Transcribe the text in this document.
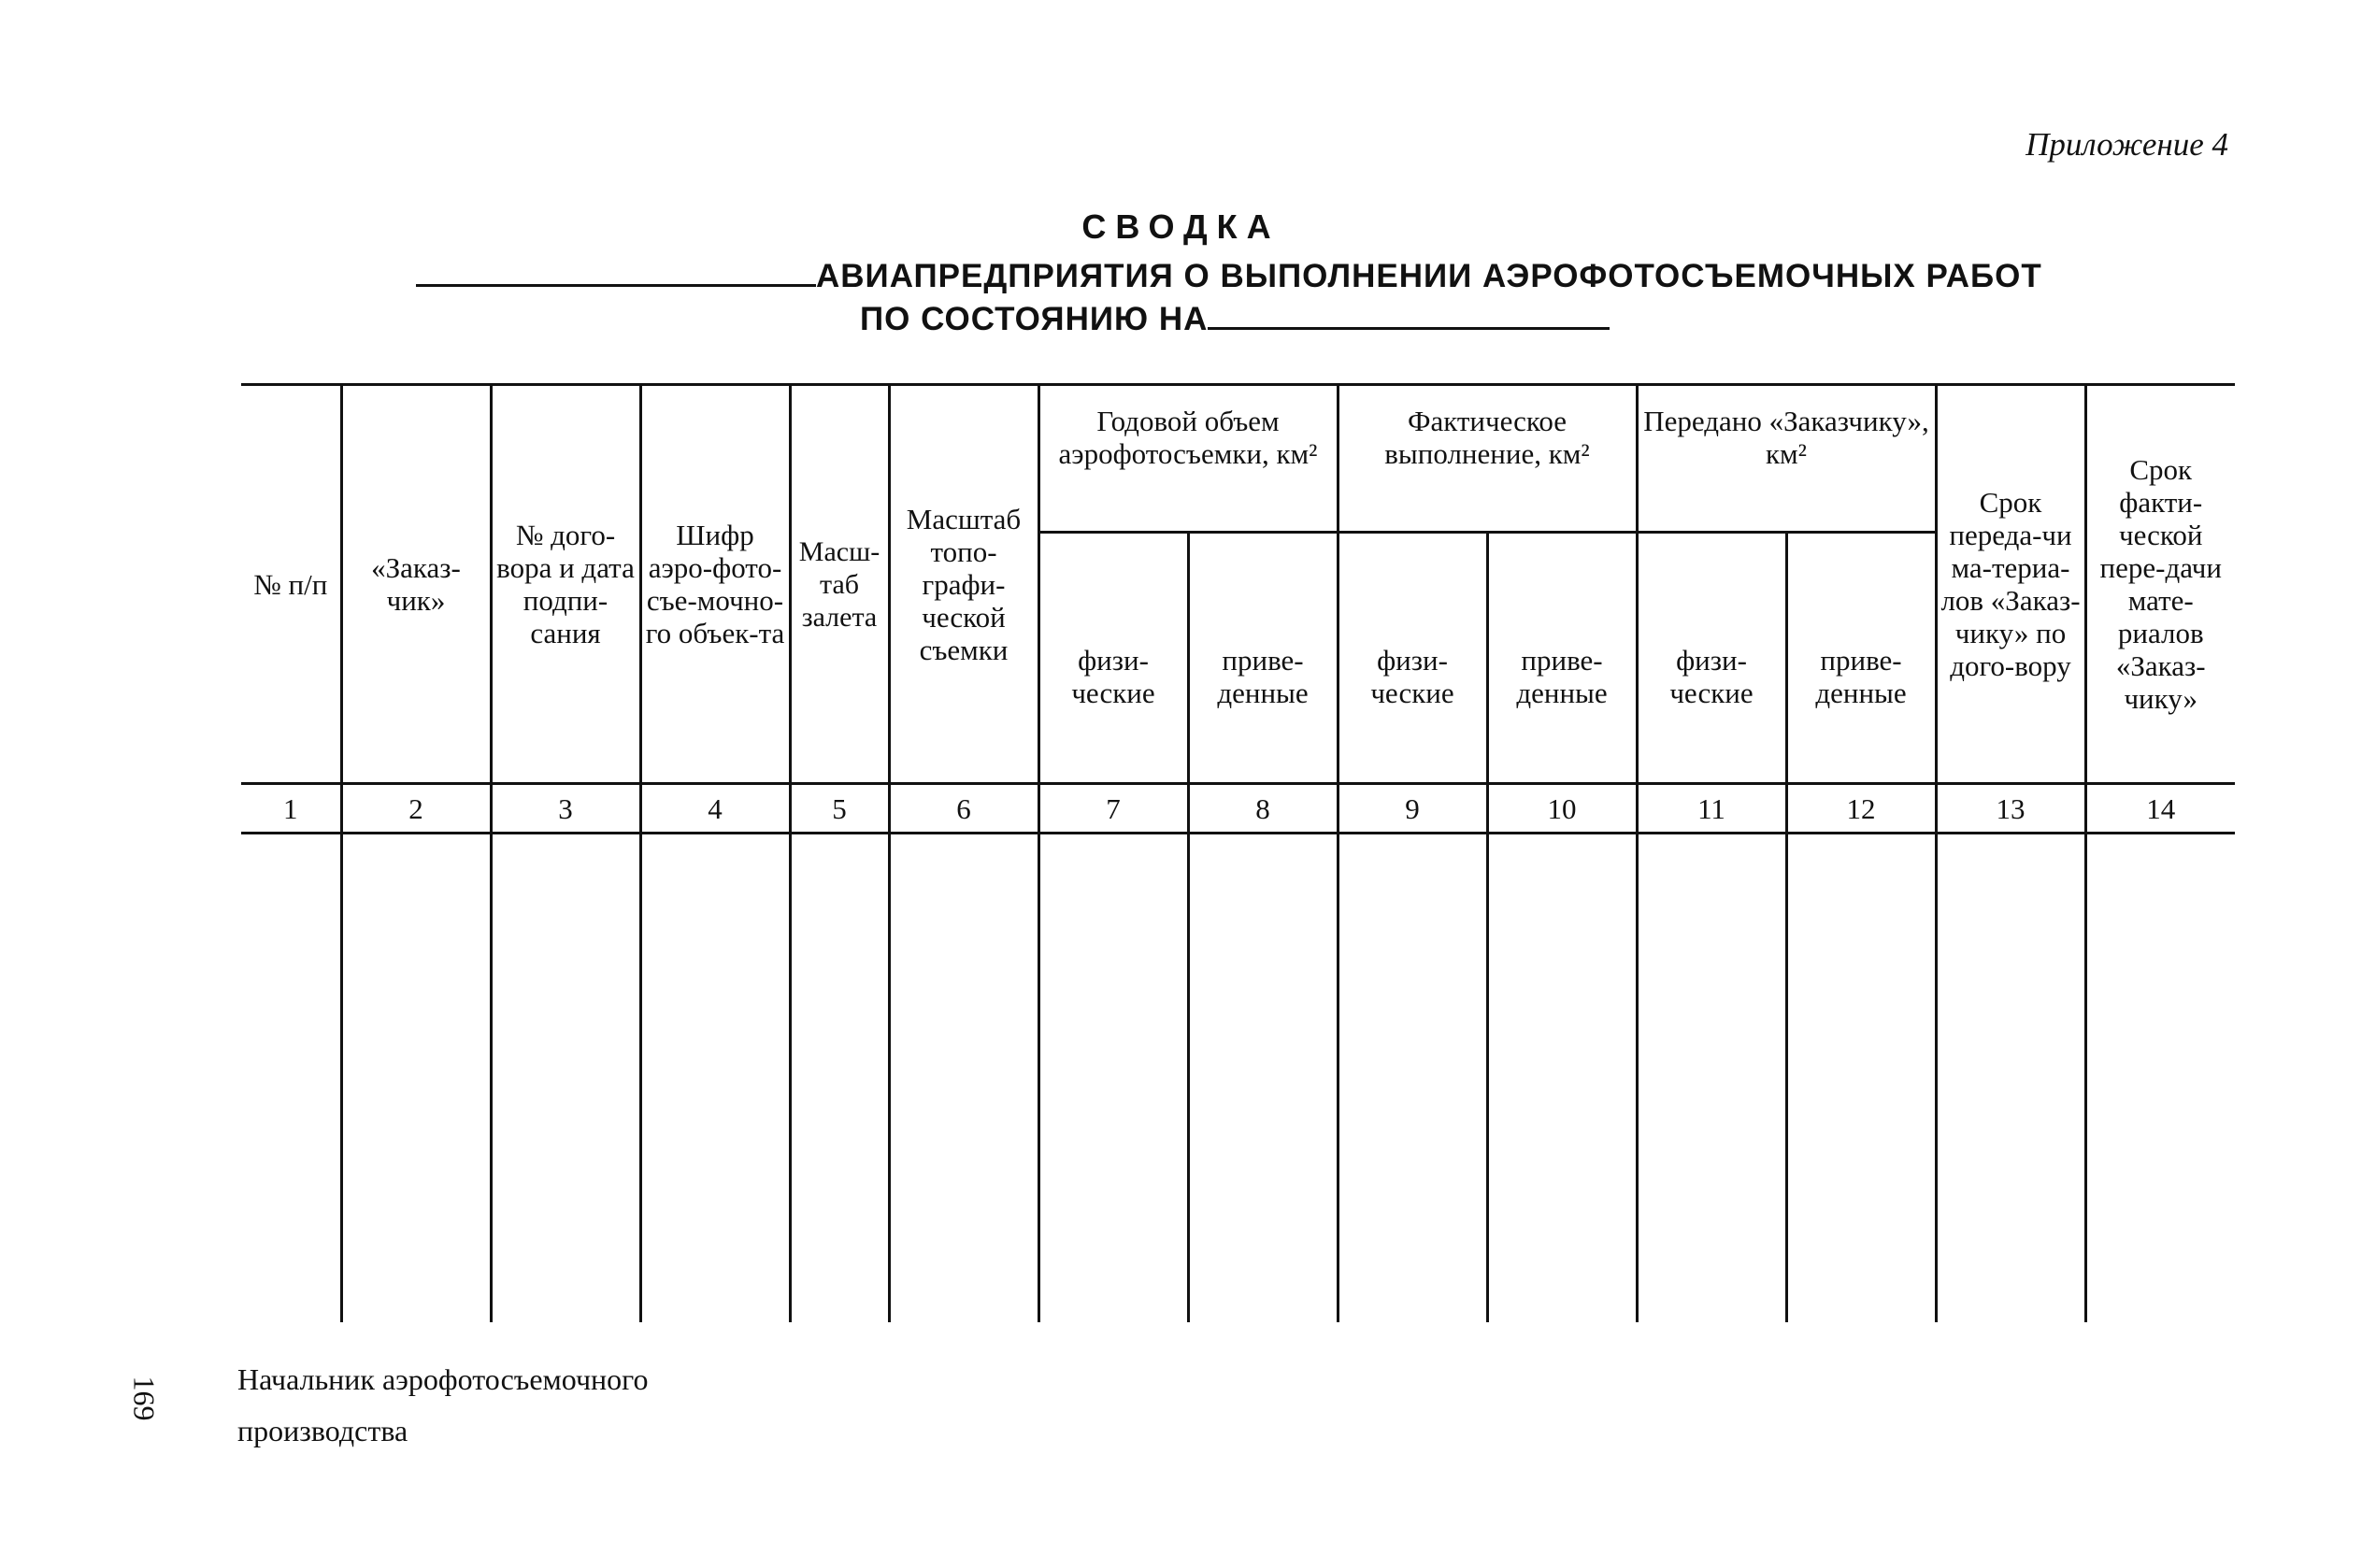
Приложение 4
СВОДКА
АВИАПРЕДПРИЯТИЯ О ВЫПОЛНЕНИИ АЭРОФОТОСЪЕМОЧНЫХ РАБОТ
ПО СОСТОЯНИЮ НА
№ п/п	«Заказ-чик»	№ дого-вора и дата подпи-сания	Шифр аэро-фото-съе-мочно-го объек-та	Масш-таб залета	Масштаб топо-графи-ческой съемки	Годовой объем аэрофотосъемки, км²		Фактическое выполнение, км²		Передано «Заказчику», км²		Срок переда-чи ма-териа-лов «Заказ-чику» по дого-вору	Срок факти-ческой пере-дачи мате-риалов «Заказ-чику»
						физи-ческие	приве-денные	физи-ческие	приве-денные	физи-ческие	приве-денные		
1	2	3	4	5	6	7	8	9	10	11	12	13	14

Начальник аэрофотосъемочного
производства
169
